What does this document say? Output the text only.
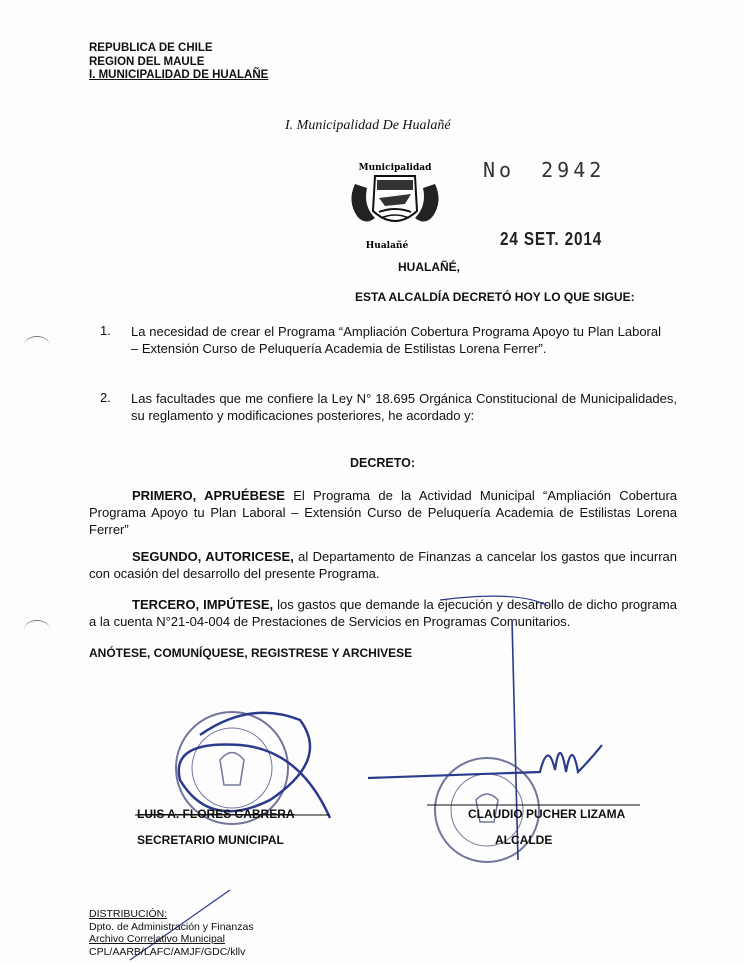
REPUBLICA DE CHILE
REGION DEL MAULE
I. MUNICIPALIDAD DE HUALAÑE
I. Municipalidad De Hualañé
Municipalidad
Hualañé
No 2942
24 SET. 2014
HUALAÑÉ,
ESTA ALCALDÍA DECRETÓ HOY LO QUE SIGUE:
1. La necesidad de crear el Programa “Ampliación Cobertura Programa Apoyo tu Plan Laboral – Extensión Curso de Peluquería Academia de Estilistas Lorena Ferrer”.
2. Las facultades que me confiere la Ley N° 18.695 Orgánica Constitucional de Municipalidades, su reglamento y modificaciones posteriores, he acordado y:
DECRETO:
PRIMERO, APRUÉBESE El Programa de la Actividad Municipal “Ampliación Cobertura Programa Apoyo tu Plan Laboral – Extensión Curso de Peluquería Academia de Estilistas Lorena Ferrer”
SEGUNDO, AUTORICESE, al Departamento de Finanzas a cancelar los gastos que incurran con ocasión del desarrollo del presente Programa.
TERCERO, IMPÚTESE, los gastos que demande la ejecución y desarrollo de dicho programa a la cuenta N°21-04-004 de Prestaciones de Servicios en Programas Comunitarios.
ANÓTESE, COMUNÍQUESE, REGISTRESE Y ARCHIVESE
LUIS A. FLORES CABRERA
SECRETARIO MUNICIPAL
CLAUDIO PUCHER LIZAMA
ALCALDE
DISTRIBUCIÓN:
Dpto. de Administración y Finanzas
Archivo Correlativo Municipal
CPL/AARB/LAFC/AMJF/GDC/kllv
